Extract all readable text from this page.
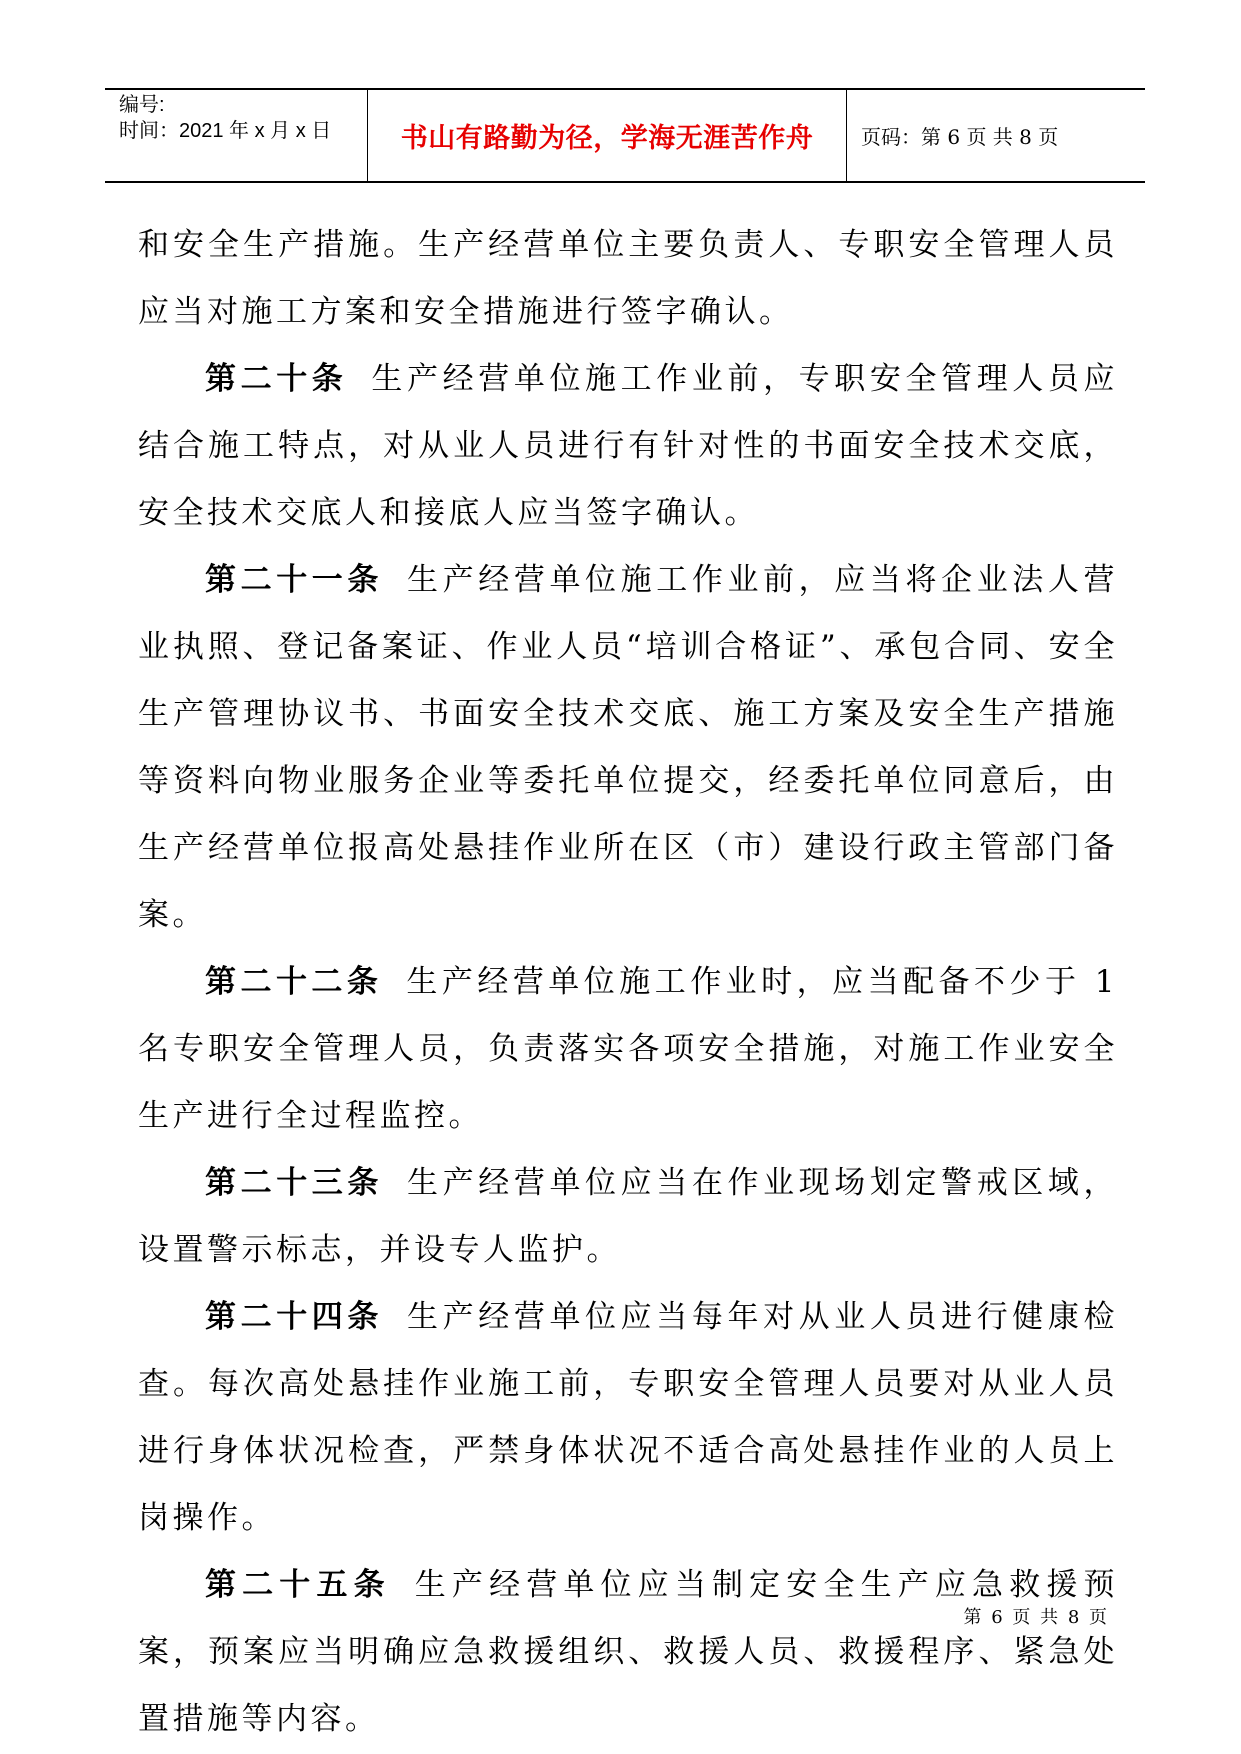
编号:
时间：2021 年 x 月 x 日	书山有路勤为径，学海无涯苦作舟 页码：第 6 页 共 8 页

和安全生产措施。生产经营单位主要负责人、专职安全管理人员应当对施工方案和安全措施进行签字确认。

第二十条 生产经营单位施工作业前，专职安全管理人员应结合施工特点，对从业人员进行有针对性的书面安全技术交底，安全技术交底人和接底人应当签字确认。

第二十一条 生产经营单位施工作业前，应当将企业法人营业执照、登记备案证、作业人员“培训合格证”、承包合同、安全生产管理协议书、书面安全技术交底、施工方案及安全生产措施等资料向物业服务企业等委托单位提交，经委托单位同意后，由生产经营单位报高处悬挂作业所在区（市）建设行政主管部门备案。

第二十二条 生产经营单位施工作业时，应当配备不少于 1 名专职安全管理人员，负责落实各项安全措施，对施工作业安全生产进行全过程监控。

第二十三条 生产经营单位应当在作业现场划定警戒区域，设置警示标志，并设专人监护。

第二十四条 生产经营单位应当每年对从业人员进行健康检查。每次高处悬挂作业施工前，专职安全管理人员要对从业人员进行身体状况检查，严禁身体状况不适合高处悬挂作业的人员上岗操作。

第二十五条 生产经营单位应当制定安全生产应急救援预案，预案应当明确应急救援组织、救援人员、救援程序、紧急处置措施等内容。

第 6 页 共 8 页
